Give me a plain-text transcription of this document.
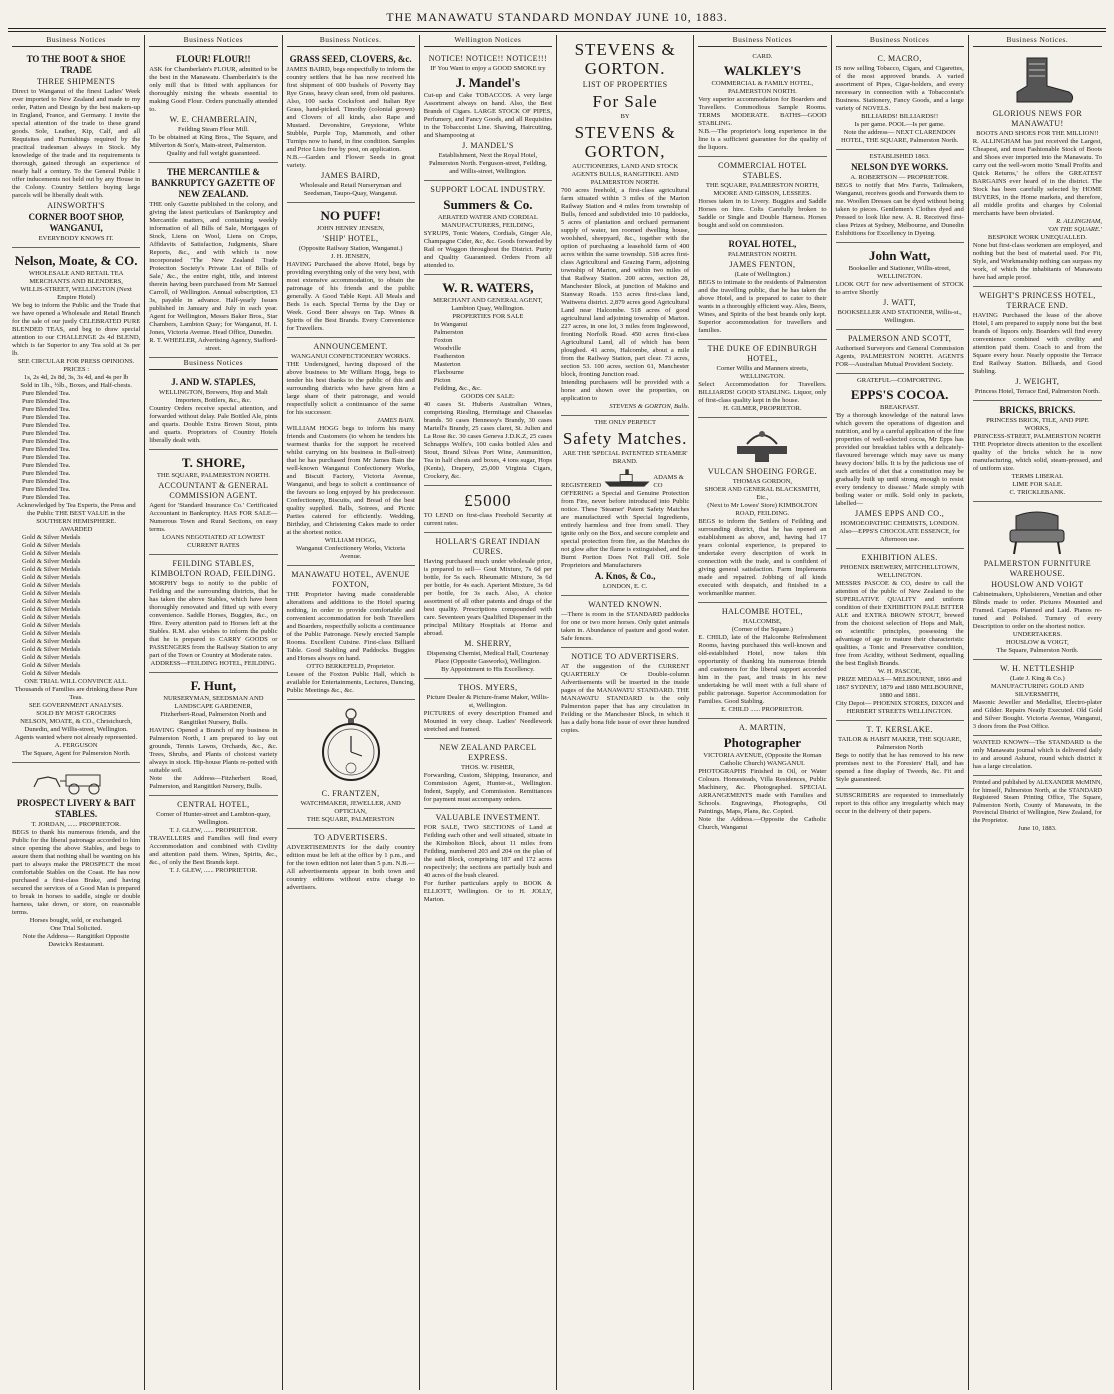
THE MANAWATU STANDARD MONDAY JUNE 10, 1883.
Business Notices
TO THE BOOT & SHOE TRADE
THREE SHIPMENTS
Direct to Wanganui of the finest Ladies' Week ever imported to New Zealand and made to my order, Patten and Design by the best makers-up in England, France, and Germany. I invite the special attention of the trade to these grand goods. Sole, Leather, Kip, Calf, and all Requisites and Furnishings required by the practical tradesman always in Stock. My knowledge of the trade and its requirements is thorough, gained through an experience of nearly half a century. To the General Public I offer inducements not held out by any House in the Colony. Country Settlers buying large parcels will be liberally dealt with.
AINSWORTH'S
CORNER BOOT SHOP, WANGANUI,
EVERYBODY KNOWS IT.
Nelson, Moate, & CO.
WHOLESALE AND RETAIL TEA MERCHANTS AND BLENDERS,
WILLIS-STREET, WELLINGTON (Next Empire Hotel)
We beg to inform the Public and the Trade that we have opened a Wholesale and Retail Branch for the sale of our justly CELEBRATED PURE BLENDED TEAS, and beg to draw special attention to our CHALLENGE 2s 4d BLEND, which is far Superior to any Tea sold at 3s per lb.
SEE CIRCULAR FOR PRESS OPINIONS.
PRICES :
1s, 2s 4d, 2s 8d, 3s, 3s 4d, and 4s per lb
Sold in 1lb., ½lb., Boxes, and Half-chests.
Pure Blended Tea.
Pure Blended Tea.
Pure Blended Tea.
Pure Blended Tea.
Pure Blended Tea.
Pure Blended Tea.
Pure Blended Tea.
Pure Blended Tea.
Pure Blended Tea.
Pure Blended Tea.
Pure Blended Tea.
Pure Blended Tea.
Pure Blended Tea.
Pure Blended Tea.
Acknowledged by Tea Experts, the Press and the Public THE BEST VALUE in the SOUTHERN HEMISPHERE.
AWARDED
Gold & Silver Medals
Gold & Silver Medals
Gold & Silver Medals
Gold & Silver Medals
Gold & Silver Medals
Gold & Silver Medals
Gold & Silver Medals
Gold & Silver Medals
Gold & Silver Medals
Gold & Silver Medals
Gold & Silver Medals
Gold & Silver Medals
Gold & Silver Medals
Gold & Silver Medals
Gold & Silver Medals
Gold & Silver Medals
Gold & Silver Medals
Gold & Silver Medals
ONE TRIAL WILL CONVINCE ALL.
Thousands of Families are drinking these Pure Teas.
SEE GOVERNMENT ANALYSIS.
SOLD BY MOST GROCERS
NELSON, MOATE, & CO., Christchurch, Dunedin, and Willis-street, Wellington.
Agents wanted where not already represented.
A. FERGUSON
The Square, Agent for Palmerston North.
PROSPECT LIVERY & BAIT STABLES.
T. JORDAN, ...... PROPRIETOR.
BEGS to thank his numerous friends, and the Public for the liberal patronage accorded to him since opening the above Stables, and begs to assure them that nothing shall be wanting on his part to always make the PROSPECT the most comfortable Stables on the Coast. He has now purchased a first-class Brake, and having secured the services of a Good Man is prepared to break in horses to saddle, single or double harness, take down, or store, on reasonable terms.
Horses bought, sold, or exchanged.
One Trial Solicited.
Note the Address— Rangitikei Opposite Dawick's Restaurant.
Business Notices
FLOUR! FLOUR!!
ASK for Chamberlain's FLOUR, admitted to be the best in the Manawatu. Chamberlain's is the only mill that is fitted with appliances for thoroughly mixing the wheats essential to making Good Flour. Orders punctually attended to.
W. E. CHAMBERLAIN,
Feilding Steam Flour Mill.
To be obtained at King Bros., The Square, and Milverton & Son's, Main-street, Palmerston.
Quality and full weight guaranteed.
THE MERCANTILE & BANKRUPTCY GAZETTE OF NEW ZEALAND.
THE only Gazette published in the colony, and giving the latest particulars of Bankruptcy and Mercantile matters, and containing weekly information of all Bills of Sale, Mortgages of Stock, Liens on Wool, Liens on Crops, Affidavits of Satisfaction, Judgments, Share Reports, &c., and with which is now incorporated 'The New Zealand Trade Protection Society's Private List of Bills of Sale,' &c., the entire right, title, and interest therein having been purchased from Mr Samuel Carroll, of Wellington. Annual subscription, £3 3s, payable in advance. Half-yearly Issues published in January and July in each year. Agent for Wellington, Messrs Baker Bros., Star Chambers, Lambton Quay; for Wanganui, H. I. Jones, Victoria Avenue. Head Office, Dunedin.
R. T. WHEELER, Advertising Agency, Stafford-street.
Business Notices
J. AND W. STAPLES,
WELLINGTON, Brewers, Hop and Malt Importers, Bottlers, &c., &c.
Country Orders receive special attention, and forwarded without delay. Pale Bottled Ale, pints and quarts. Double Extra Brown Stout, pints and quarts. Proprietors of Country Hotels liberally dealt with.
T. SHORE,
THE SQUARE, PALMERSTON NORTH.
ACCOUNTANT & GENERAL COMMISSION AGENT.
Agent for 'Standard Insurance Co.' Certificated Accountant in Bankruptcy. HAS FOR SALE—Numerous Town and Rural Sections, on easy terms.
LOANS NEGOTIATED AT LOWEST CURRENT RATES
FEILDING STABLES, KIMBOLTON ROAD, FEILDING.
MORPHY begs to notify to the public of Feilding and the surrounding districts, that he has taken the above Stables, which have been thoroughly renovated and fitted up with every convenience. Saddle Horses, Buggies, &c., on Hire. Every attention paid to Horses left at the Stables. R.M. also wishes to inform the public that he is prepared to CARRY GOODS or PASSENGERS from the Railway Station to any part of the Town or Country at Moderate rates.
ADDRESS—FEILDING HOTEL, FEILDING.
F. Hunt,
NURSERYMAN, SEEDSMAN AND LANDSCAPE GARDENER,
Fitzherbert-Road, Palmerston North and Rangitikei Nursery, Bulls.
HAVING Opened a Branch of my business in Palmerston North, I am prepared to lay out grounds, Tennis Lawns, Orchards, &c., &c. Trees, Shrubs, and Plants of choicest variety always in stock. Hip-house Plants re-potted with suitable soil.
Note the Address—Fitzherbert Road, Palmerston, and Rangitikei Nursery, Bulls.
CENTRAL HOTEL,
Corner of Hunter-street and Lambton-quay, Wellington.
T. J. GLEW, ...... PROPRIETOR.
TRAVELLERS and Families will find every Accommodation and combined with Civility and attention paid them. Wines, Spirits, &c., &c., of only the Best Brands kept.
T. J. GLEW, ...... PROPRIETOR.
Business Notices.
GRASS SEED, CLOVERS, &c.
JAMES BAIRD, begs respectfully to inform the country settlers that he has now received his first shipment of 600 bushels of Poverty Bay Rye Grass, heavy clean seed, from old pastures. Also, 100 sacks Cocksfoot and Italian Rye Grass, hand-picked. Timothy (colonial grown) and Clovers of all kinds, also Rape and Mustard. Devonshire, Greystone, White Stubble, Purple Top, Mammoth, and other Turnips now to hand, in fine condition. Samples and Price Lists free by post, on application.
N.B.—Garden and Flower Seeds in great variety.
JAMES BAIRD,
Wholesale and Retail Nurseryman and Seedsman, Taupo-Quay, Wanganui.
NO PUFF!
JOHN HENRY JENSEN,
'SHIP' HOTEL,
(Opposite Railway Station, Wanganui.)
J. H. JENSEN,
HAVING Purchased the above Hotel, begs by providing everything only of the very best, with most extensive accommodation, to obtain the patronage of his friends and the public generally. A Good Table Kept. All Meals and Beds 1s each. Special Terms by the Day or Week. Good Beer always on Tap. Wines & Spirits of the Best Brands. Every Convenience for Travellers.
ANNOUNCEMENT.
WANGANUI CONFECTIONERY WORKS.
THE Undersigned, having disposed of the above business to Mr William Hogg, begs to tender his best thanks to the public of this and surrounding districts who have given him a large share of their patronage, and would respectfully solicit a continuance of the same for his successor.
JAMES BAIN.
WILLIAM HOGG begs to inform his many friends and Customers (to whom he tenders his warmest thanks for the support he received whilst carrying on his business in Bull-street) that he has purchased from Mr James Bain the well-known Wanganui Confectionery Works, and Biscuit Factory, Victoria Avenue, Wanganui, and begs to solicit a continuance of the favours so long enjoyed by his predecessor. Confectionery, Biscuits, and Bread of the best quality supplied. Balls, Soirees, and Picnic Parties catered for efficiently. Wedding, Birthday, and Christening Cakes made to order at the shortest notice.
WILLIAM HOGG,
Wanganui Confectionery Works, Victoria Avenue.
MANAWATU HOTEL, AVENUE FOXTON,
THE Proprietor having made considerable alterations and additions to the Hotel sparing nothing, in order to provide comfortable and convenient accommodation for both Travellers and Boarders, respectfully solicits a continuance of the Public Patronage. Newly erected Sample Rooms. Excellent Cuisine. First-class Billiard Table. Good Stabling and Paddocks. Buggies and Horses always on hand.
OTTO BERKEFELD, Proprietor.
Lessee of the Foxton Public Hall, which is available for Entertainments, Lectures, Dancing, Public Meetings &c., &c.
C. FRANTZEN,
WATCHMAKER, JEWELLER, AND OPTICIAN,
THE SQUARE, PALMERSTON
TO ADVERTISERS.
ADVERTISEMENTS for the daily country edition must be left at the office by 1 p.m., and for the town edition not later than 5 p.m. N.B.—All advertisements appear in both town and country editions without extra charge to advertisers.
Wellington Notices
NOTICE! NOTICE!! NOTICE!!!
IF You Want to enjoy a GOOD SMOKE try
J. Mandel's
Cut-up and Cake TOBACCOS. A very large Assortment always on hand. Also, the Best Brands of Cigars. LARGE STOCK OF PIPES, Perfumery, and Fancy Goods, and all Requisites in the Tobacconist Line. Shaving, Haircutting, and Shampooing at
J. MANDEL'S
Establishment, Next the Royal Hotel, Palmerston North. Ferguson-street, Feilding, and Willis-street, Wellington.
SUPPORT LOCAL INDUSTRY.
Summers & Co.
AERATED WATER AND CORDIAL MANUFACTURERS, FEILDING,
SYRUPS, Tonic Waters, Cordials, Ginger Ale, Champagne Cider, &c, &c. Goods forwarded by Rail or Waggon throughout the District. Purity and Quality Guaranteed. Orders From all attended to.
W. R. WATERS,
MERCHANT AND GENERAL AGENT,
Lambton Quay, Wellington.
PROPERTIES FOR SALE
In Wanganui
Palmerston
Foxton
Woodville
Featherston
Masterton
Flaxbourne
Picton
Feilding, &c., &c.
GOODS ON SALE:
40 cases St. Huberts Australian Wines, comprising Riesling, Hermitage and Chasselas brands. 50 cases Hennessy's Brandy, 30 cases Martell's Brandy, 25 cases claret, St. Julien and La Rose &c. 30 cases Geneva J.D.K.Z, 25 cases Schnapps Wolfe's, 100 casks bottled Ales and Stout, Brand Silvas Port Wine, Ammunition, Tea in half chests and boxes, 4 tons sugar, Hops (Kents), Drapery, 25,000 Virginia Cigars, Crockery, &c.
£5000
TO LEND on first-class Freehold Security at current rates.
HOLLAR'S GREAT INDIAN CURES.
Having purchased much under wholesale price, is prepared to sell— Gout Mixture, 7s 6d per bottle, for 5s each. Rheumatic Mixture, 3s 6d per bottle, for 4s each. Aperient Mixture, 3s 6d per bottle, for 3s each. Also, A choice assortment of all other patents and drugs of the best quality. Prescriptions compounded with care. Seventeen years Qualified Dispenser in the principal Military Hospitals at Home and abroad.
M. SHERRY,
Dispensing Chemist, Medical Hall, Courtenay Place (Opposite Gasworks), Wellington.
By Appointment to His Excellency.
THOS. MYERS,
Picture Dealer & Picture-frame Maker, Willis-st, Wellington.
PICTURES of every description Framed and Mounted in very cheap. Ladies' Needlework stretched and framed.
NEW ZEALAND PARCEL EXPRESS.
THOS. W. FISHER,
Forwarding, Custom, Shipping, Insurance, and Commission Agent, Hunter-st., Wellington. Indent, Supply, and Commission. Remittances for payment must accompany orders.
VALUABLE INVESTMENT.
FOR SALE, TWO SECTIONS of Land at Feilding each other and well situated, situate in the Kimbolton Block, about 11 miles from Feilding, numbered 203 and 204 on the plan of the said Block, comprising 187 and 172 acres respectively; the sections are partially bush and 40 acres of the bush cleared.
For further particulars apply to BOOK & ELLIOTT, Wellington. Or to H. JOLLY, Marton.
STEVENS & GORTON.
LIST OF PROPERTIES
For Sale
BY
STEVENS & GORTON,
AUCTIONEERS, LAND AND STOCK AGENTS BULLS, RANGITIKEI. AND PALMERSTON NORTH.
700 acres freehold, a first-class agricultural farm situated within 3 miles of the Marton Railway Station and 4 miles from township of Bulls, fenced and subdivided into 10 paddocks, 5 acres of plantation and orchard permanent supply of water, ten roomed dwelling house, woolshed, sheepyard, &c., together with the option of purchasing a leasehold farm of 400 acres within the same township. 518 acres first-class Agricultural and Grazing Farm, adjoining township of Marton, and within two miles of that Railway Station. 200 acres, section 28, Manchester Block, at junction of Makino and Stanway Roads. 153 acres first-class land, Waitwera district. 2,879 acres good Agricultural Land near Halcombe. 518 acres of good agricultural land adjoining township of Marton. 227 acres, in one lot, 3 miles from Ingleswood, fronting Norfolk Road. 450 acres first-class Agricultural Land, all of which has been ploughed. 41 acres, Halcombe, about a mile from the Railway Station, part clear. 73 acres, section 53. 100 acres, section 61, Manchester block, fronting Junction road.
Intending purchasers will be provided with a horse and shown over the properties, on application to
STEVENS & GORTON, Bulls.
THE ONLY PERFECT
Safety Matches.
ARE THE 'SPECIAL PATENTED STEAMER' BRAND.
REGISTERED
ADAMS & CO
OFFERING a Special and Genuine Protection from Fire, never before introduced into Public notice. These 'Steamer' Patent Safety Matches are manufactured with Special Ingredients, entirely harmless and free from smell. They ignite only on the Box, and secure complete and special protection from fire, as the Matches do not glow after the flame is extinguished, and the Burnt Portion Does Not Fall Off. Sole Proprietors and Manufacturers
A. Knos, & Co.,
LONDON, E. C.
WANTED KNOWN.
—There is room in the STANDARD paddocks for one or two more horses. Only quiet animals taken in. Abundance of pasture and good water. Safe fences.
NOTICE TO ADVERTISERS.
AT the suggestion of the CURRENT QUARTERLY Or Double-column Advertisements will be inserted in the inside pages of the MANAWATU STANDARD. THE MANAWATU STANDARD is the only Palmerston paper that has any circulation in Feilding or the Manchester Block, in which it has a daily bona fide issue of over three hundred copies.
Business Notices
CARD.
WALKLEY'S
COMMERCIAL & FAMILY HOTEL, PALMERSTON NORTH.
Very superior accommodation for Boarders and Travellers. Commodious Sample Rooms. TERMS MODERATE. BATHS—GOOD STABLING.
N.B.—The proprietor's long experience in the line is a sufficient guarantee for the quality of the liquors.
COMMERCIAL HOTEL STABLES.
THE SQUARE, PALMERSTON NORTH,
MOORE AND GIBSON, LESSEES.
Horses taken in to Livery. Buggies and Saddle Horses on hire. Colts Carefully broken to Saddle or Single and Double Harness. Horses bought and sold on commission.
ROYAL HOTEL,
PALMERSTON NORTH.
JAMES FENTON,
(Late of Wellington.)
BEGS to intimate to the residents of Palmerston and the travelling public, that he has taken the above Hotel, and is prepared to cater to their wants in a thoroughly efficient way. Ales, Beers, Wines, and Spirits of the best brands only kept. Superior accommodation for travellers and families.
THE DUKE OF EDINBURGH HOTEL,
Corner Willis and Manners streets, WELLINGTON.
Select Accommodation for Travellers. BILLIARDS! GOOD STABLING. Liquor, only of first-class quality kept in the house.
H. GILMER, PROPRIETOR.
VULCAN SHOEING FORGE.
THOMAS GORDON,
SHOER AND GENERAL BLACKSMITH, Etc.,
(Next to Mr Lowes' Store) KIMBOLTON ROAD, FEILDING.
BEGS to inform the Settlers of Feilding and surrounding district, that he has opened an establishment as above, and, having had 17 years colonial experience, is prepared to undertake every description of work in connection with the trade, and is confident of giving general satisfaction. Farm Implements made and repaired. Jobbing of all kinds executed with despatch, and finished in a workmanlike manner.
HALCOMBE HOTEL,
HALCOMBE,
(Corner of the Square.)
E. CHILD, late of the Halcombe Refreshment Rooms, having purchased this well-known and old-established Hotel, now takes this opportunity of thanking his numerous friends and customers for the liberal support accorded him in the past, and trusts in his new undertaking he will meet with a full share of public patronage. Superior Accommodation for Families. Good Stabling.
E. CHILD ...... PROPRIETOR.
A. MARTIN,
Photographer
VICTORIA AVENUE, (Opposite the Roman Catholic Church) WANGANUI.
PHOTOGRAPHS Finished in Oil, or Water Colours. Homesteads, Villa Residences, Public Machinery, &c. Photographed. SPECIAL ARRANGEMENTS made with Families and Schools. Engravings, Photographs, Oil Paintings, Maps, Plans, &c. Copied.
Note the Address.—Opposite the Catholic Church, Wanganui
Business Notices
C. MACRO,
IS now selling Tobacco, Cigars, and Cigarettes, of the most approved brands. A varied assortment of Pipes, Cigar-holders, and every necessary in connection with a Tobacconist's Business. Stationery, Fancy Goods, and a large variety of NOVELS.
BILLIARDS! BILLIARDS!!
Is per game. POOL—Is per game.
Note the address— NEXT CLARENDON HOTEL, THE SQUARE, Palmerston North.
ESTABLISHED 1863.
NELSON DYE WORKS.
A. ROBERTSON — PROPRIETOR.
BEGS to notify that Mrs Farris, Tailmakers, Wanganui, receives goods and Forwards them to me. Woollen Dresses can be dyed without being taken to pieces. Gentlemen's Clothes dyed and Pressed to look like new. A. R. Received first-class Prizes at Sydney, Melbourne, and Dunedin Exhibitions for Excellency in Dyeing.
John Watt,
Bookseller and Stationer, Willis-street, WELLINGTON.
LOOK OUT for new advertisement of STOCK to arrive Shortly
J. WATT,
BOOKSELLER AND STATIONER, Willis-st., Wellington.
PALMERSON AND SCOTT,
Authorised Surveyors and General Commission Agents, PALMERSTON NORTH. AGENTS FOR—Australian Mutual Provident Society.
GRATEFUL—COMFORTING.
EPPS'S COCOA.
BREAKFAST.
'By a thorough knowledge of the natural laws which govern the operations of digestion and nutrition, and by a careful application of the fine properties of well-selected cocoa, Mr Epps has provided our breakfast tables with a delicately-flavoured beverage which may save us many heavy doctors' bills. It is by the judicious use of such articles of diet that a constitution may be gradually built up until strong enough to resist every tendency to disease.' Made simply with boiling water or milk. Sold only in packets, labelled—
JAMES EPPS AND CO.,
HOMOEOPATHIC CHEMISTS, LONDON.
Also—EPPS'S CHOCOLATE ESSENCE, for Afternoon use.
EXHIBITION ALES.
PHOENIX BREWERY, MITCHELLTOWN, WELLINGTON.
MESSRS PASCOE & CO, desire to call the attention of the public of New Zealand to the SUPERLATIVE QUALITY and uniform condition of their EXHIBITION PALE BITTER ALE and EXTRA BROWN STOUT, brewed from the choicest selection of Hops and Malt, on scientific principles, possessing the advantage of age to mature their characteristic qualities, a Tonic and Preservative condition, free from Acidity, without Sediment, equalling the best English Brands.
W. H. PASCOE,
PRIZE MEDALS— MELBOURNE, 1866 and 1867 SYDNEY, 1879 and 1880 MELBOURNE, 1880 and 1881.
City Depot— PHOENIX STORES, DIXON and HERBERT STREETS WELLINGTON.
T. T. KERSLAKE.
TAILOR & HABIT MAKER, THE SQUARE, Palmerston North
Begs to notify that he has removed to his new premises next to the Foresters' Hall, and has opened a fine display of Tweeds, &c. Fit and Style guaranteed.
SUBSCRIBERS are requested to immediately report to this office any irregularity which may occur in the delivery of their papers.
Business Notices.
GLORIOUS NEWS FOR MANAWATU!
BOOTS AND SHOES FOR THE MILLION!!
R. ALLINGHAM has just received the Largest, Cheapest, and most Fashionable Stock of Boots and Shoes ever imported into the Manawatu. To carry out the well-worn motto 'Small Profits and Quick Returns,' he offers the GREATEST BARGAINS ever heard of in the district. The Stock has been carefully selected by HOME BUYERS, in the Home markets, and therefore, all middle profits and charges by Colonial merchants have been obviated.
R. ALLINGHAM,
'ON THE SQUARE.'
BESPOKE WORK UNEQUALLED.
None but first-class workmen are employed, and nothing but the best of material used. For Fit, Style, and Workmanship nothing can surpass my work, of which the inhabitants of Manawatu have had ample proof.
WEIGHT'S PRINCESS HOTEL, TERRACE END.
HAVING Purchased the lease of the above Hotel, I am prepared to supply none but the best brands of liquors only. Boarders will find every convenience combined with civility and attention paid them. Coach to and from the Square every hour. Nearly opposite the Terrace End Railway Station. Billiards, and Good Stabling.
J. WEIGHT,
Princess Hotel, Terrace End, Palmerston North.
BRICKS, BRICKS.
PRINCESS BRICK, TILE, AND PIPE WORKS,
PRINCESS-STREET, PALMERSTON NORTH
THE Proprietor directs attention to the excellent quality of the bricks which he is now manufacturing, which solid, steam-pressed, and of uniform size.
TERMS LIBERAL
LIME FOR SALE.
C. TRICKLEBANK.
PALMERSTON FURNITURE WAREHOUSE.
HOUSLOW AND VOIGT
Cabinetmakers, Upholsterers, Venetian and other Blinds made to order. Pictures Mounted and Framed. Carpets Planned and Laid. Pianos re-tuned and Polished. Turnery of every Description to order on the shortest notice.
UNDERTAKERS.
HOUSLOW & VOIGT,
The Square, Palmerston North.
W. H. NETTLESHIP
(Late J. King & Co.)
MANUFACTURING GOLD AND SILVERSMITH,
Masonic Jeweller and Medallist, Electro-plater and Gilder. Repairs Neatly Executed. Old Gold and Silver Bought. Victoria Avenue, Wanganui, 3 doors from the Post Office.
WANTED KNOWN—The STANDARD is the only Manawatu journal which is delivered daily to and around Ashurst, round which district it has a large circulation.
Printed and published by ALEXANDER McMINN, for himself, Palmerston North, at the STANDARD Registered Steam Printing Office, The Square, Palmerston North, County of Manawatu, in the Provincial District of Wellington, New Zealand, for the Proprietor.
June 10, 1883.
